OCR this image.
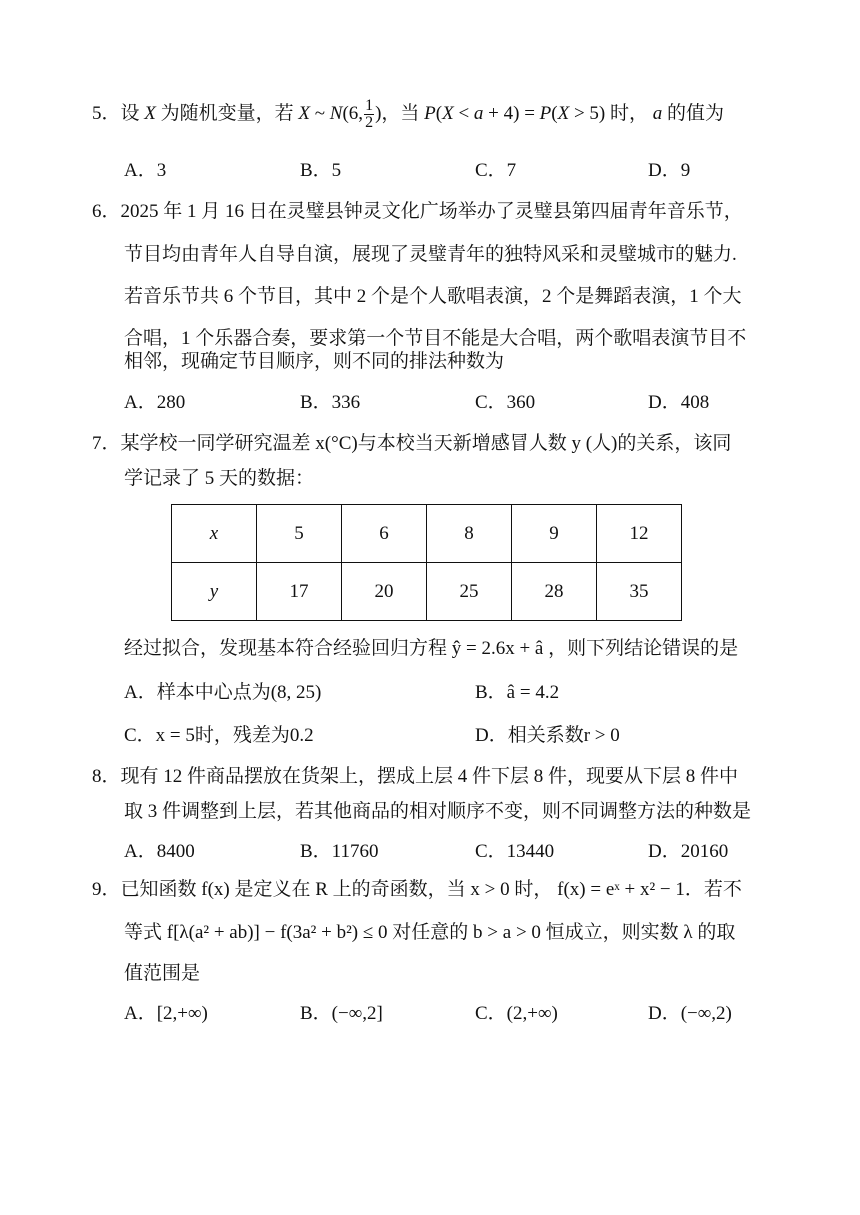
5．设 X 为随机变量，若 X ~ N(6, $\frac{1}{2}$ )，当 P(X < a + 4) = P(X > 5) 时， a 的值为
A．3	B．5	C．7	D．9
6．2025 年 1 月 16 日在灵璧县钟灵文化广场举办了灵璧县第四届青年音乐节，
节目均由青年人自导自演，展现了灵璧青年的独特风采和灵璧城市的魅力.
若音乐节共 6 个节目，其中 2 个是个人歌唱表演，2 个是舞蹈表演，1 个大
合唱，1 个乐器合奏，要求第一个节目不能是大合唱，两个歌唱表演节目不
相邻，现确定节目顺序，则不同的排法种数为
A．280	B．336	C．360	D．408
7．某学校一同学研究温差 x(°C)与本校当天新增感冒人数 y (人)的关系，该同
学记录了 5 天的数据：
x	5	6	8	9	12
y	17	20	25	28	35
经过拟合，发现基本符合经验回归方程 ŷ = 2.6x + â ，则下列结论错误的是
A．样本中心点为(8, 25)	B．â = 4.2
C．x = 5时，残差为0.2	D．相关系数r > 0
8．现有 12 件商品摆放在货架上，摆成上层 4 件下层 8 件，现要从下层 8 件中
取 3 件调整到上层，若其他商品的相对顺序不变，则不同调整方法的种数是
A．8400	B．11760	C．13440	D．20160
9．已知函数 f(x) 是定义在 R 上的奇函数，当 x > 0 时， f(x) = eˣ + x² − 1．若不
等式 f[λ(a² + ab)] − f(3a² + b²) ≤ 0 对任意的 b > a > 0 恒成立，则实数 λ 的取
值范围是
A．[2,+∞)	B．(−∞,2]	C．(2,+∞)	D．(−∞,2)
